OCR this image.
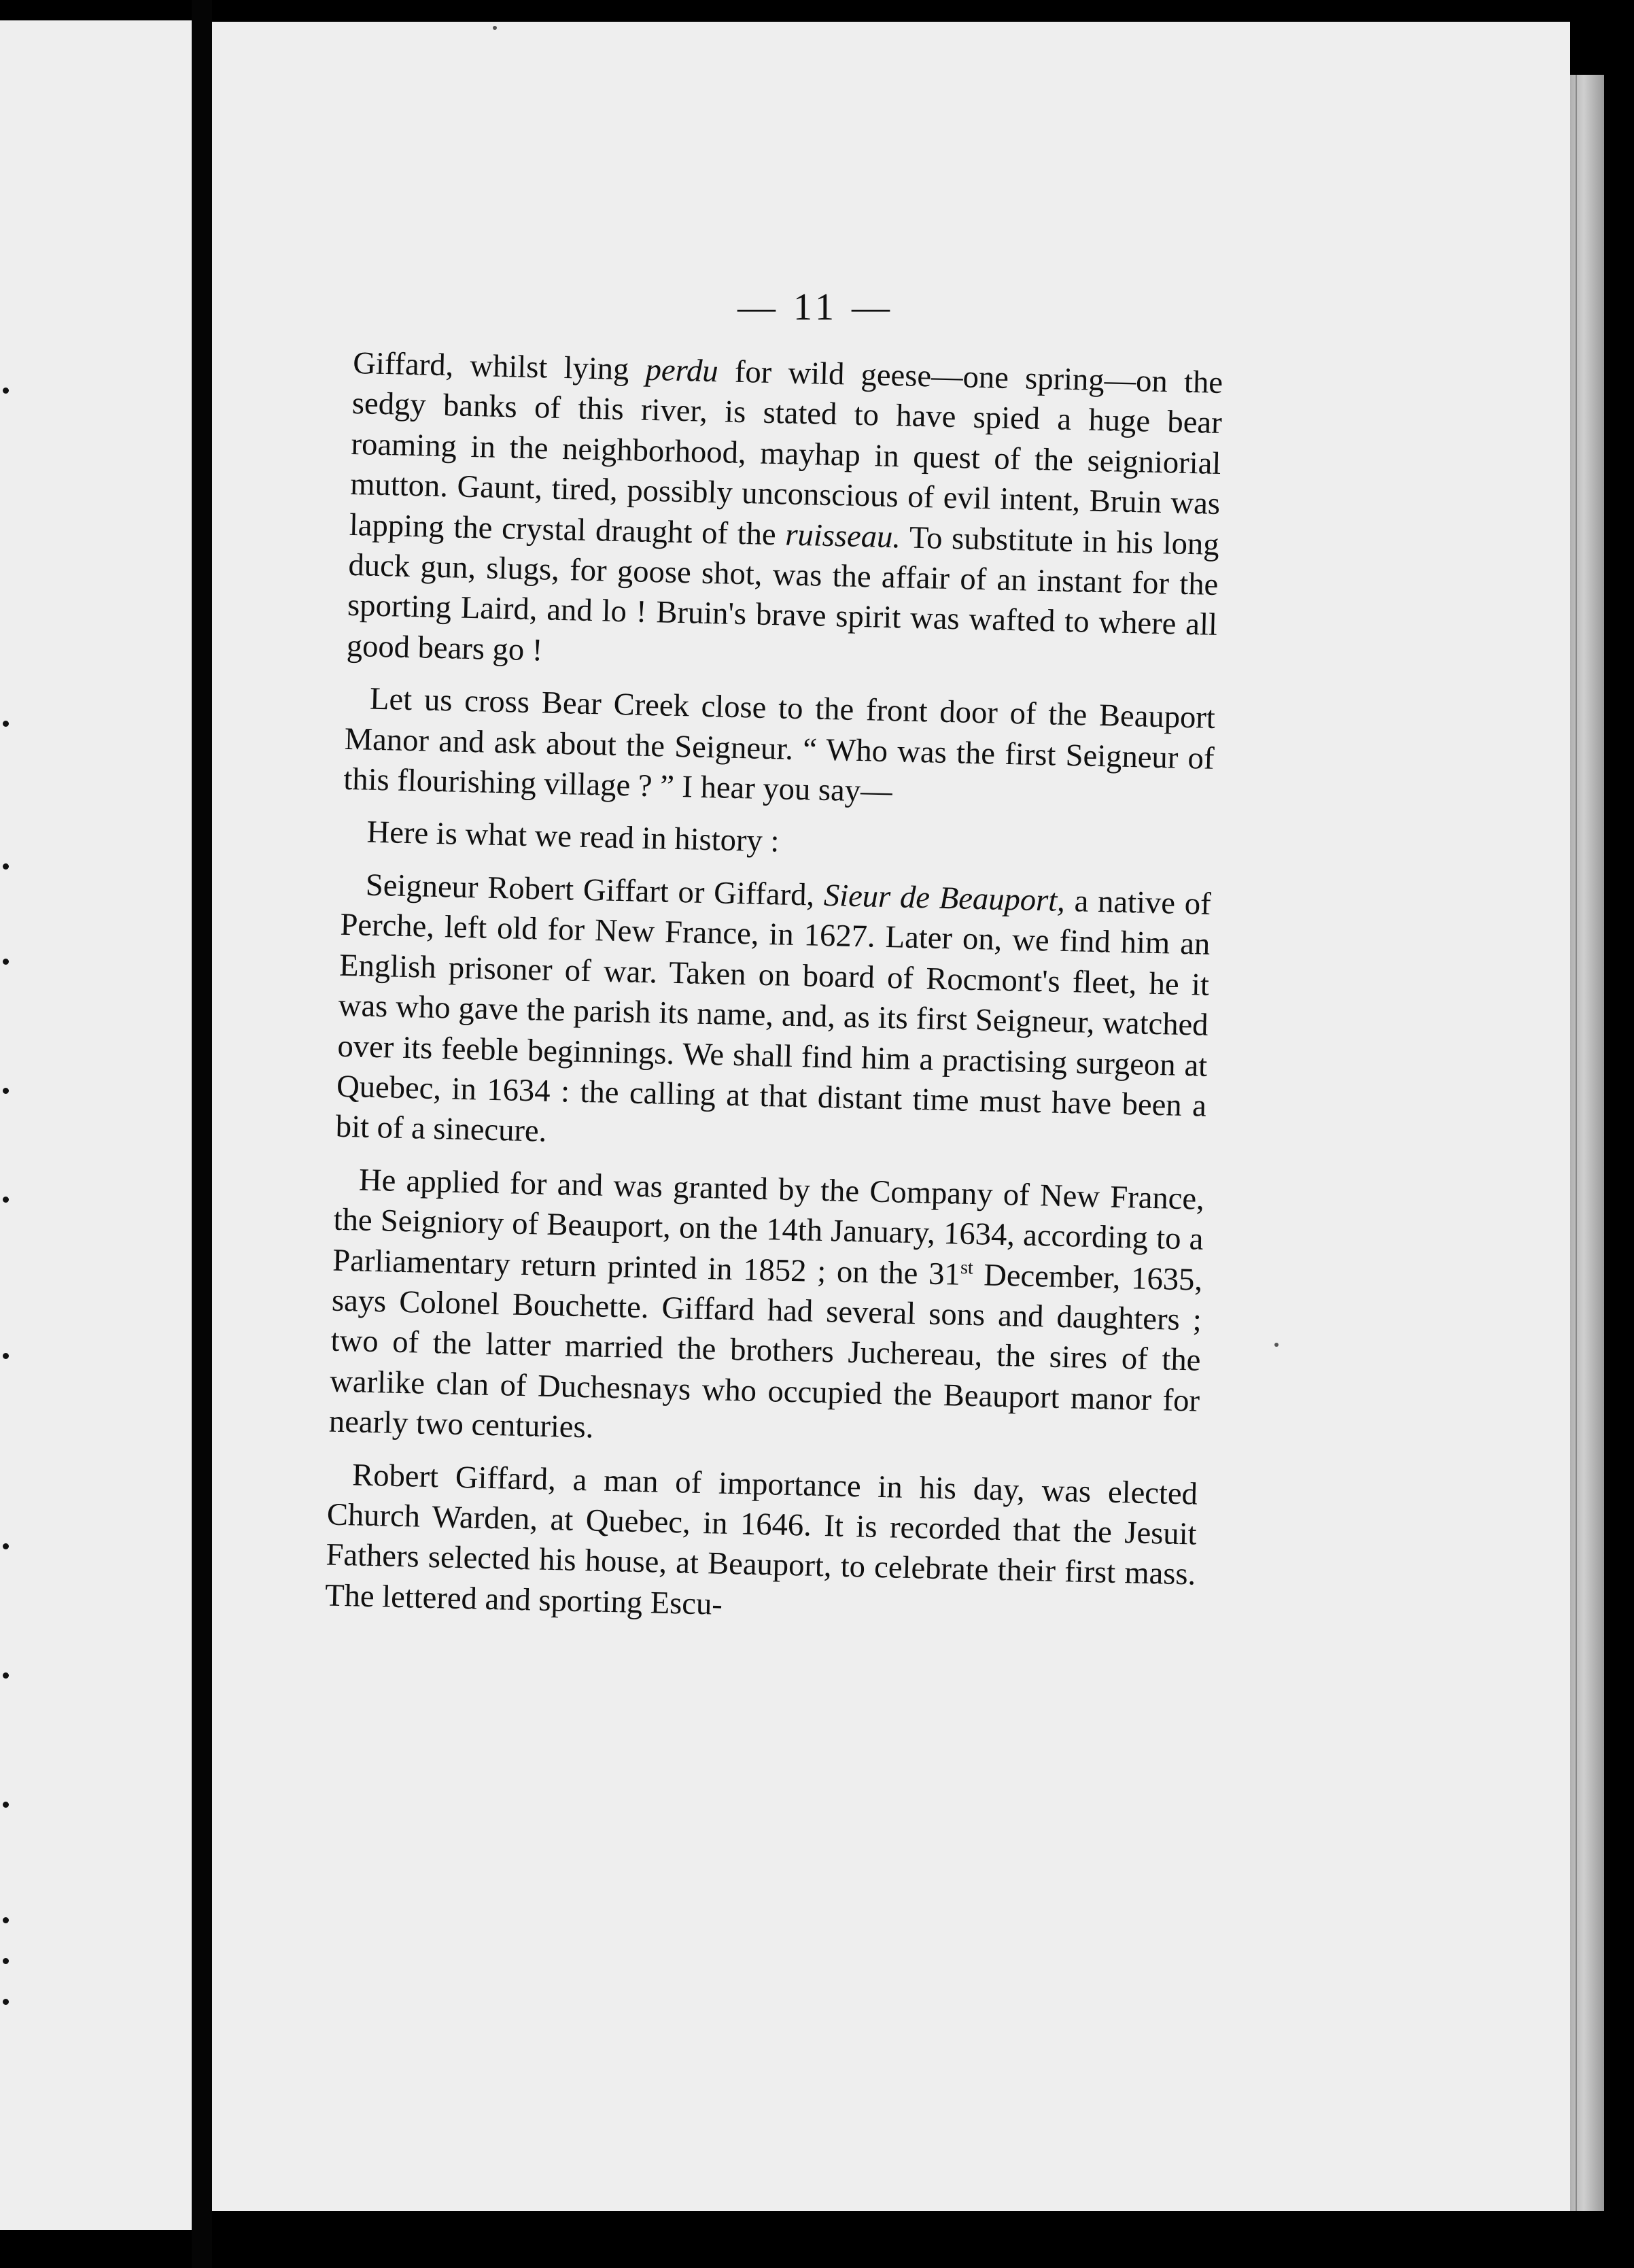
— 11 —

Giffard, whilst lying perdu for wild geese—one spring—on the sedgy banks of this river, is stated to have spied a huge bear roaming in the neighborhood, mayhap in quest of the seigniorial mutton. Gaunt, tired, possibly unconscious of evil intent, Bruin was lapping the crystal draught of the ruisseau. To substitute in his long duck gun, slugs, for goose shot, was the affair of an instant for the sporting Laird, and lo ! Bruin's brave spirit was wafted to where all good bears go !

Let us cross Bear Creek close to the front door of the Beauport Manor and ask about the Seigneur. “ Who was the first Seigneur of this flourishing village ? ” I hear you say—

Here is what we read in history :

Seigneur Robert Giffart or Giffard, Sieur de Beauport, a native of Perche, left old for New France, in 1627. Later on, we find him an English prisoner of war. Taken on board of Rocmont's fleet, he it was who gave the parish its name, and, as its first Seigneur, watched over its feeble beginnings. We shall find him a practising surgeon at Quebec, in 1634 : the calling at that distant time must have been a bit of a sinecure.

He applied for and was granted by the Company of New France, the Seigniory of Beauport, on the 14th January, 1634, according to a Parliamentary return printed in 1852 ; on the 31st December, 1635, says Colonel Bouchette. Giffard had several sons and daughters ; two of the latter married the brothers Juchereau, the sires of the warlike clan of Duchesnays who occupied the Beauport manor for nearly two centuries.

Robert Giffard, a man of importance in his day, was elected Church Warden, at Quebec, in 1646. It is recorded that the Jesuit Fathers selected his house, at Beauport, to celebrate their first mass. The lettered and sporting Escu-
